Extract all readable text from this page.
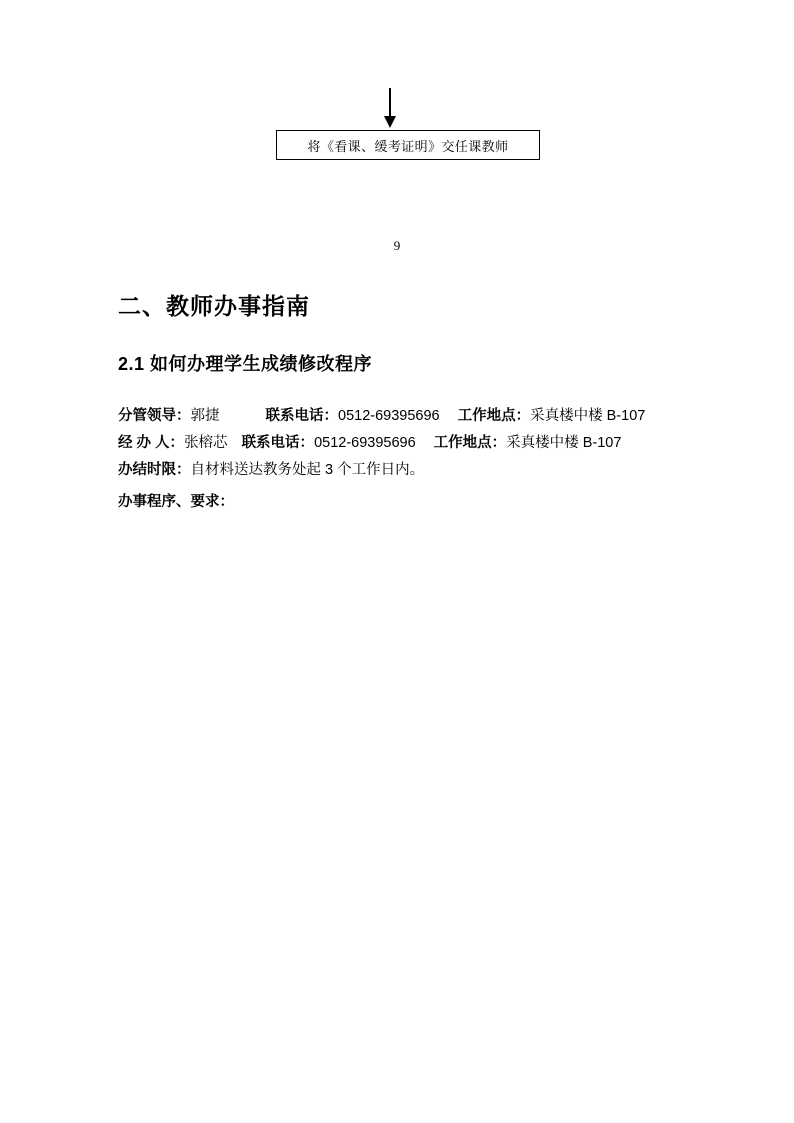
将《看课、缓考证明》交任课教师
9
二、教师办事指南
2.1 如何办理学生成绩修改程序
分管领导：郭捷	联系电话：0512-69395696 工作地点：采真楼中楼 B-107
经 办 人：张榕芯 联系电话：0512-69395696 工作地点：采真楼中楼 B-107
办结时限：自材料送达教务处起 3 个工作日内。
办事程序、要求：
